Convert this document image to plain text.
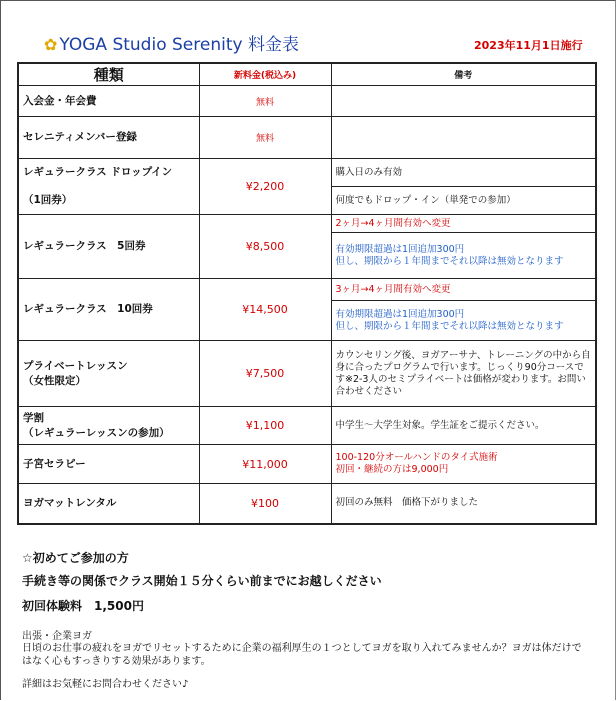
✿ YOGA Studio Serenity 料金表	2023年11月1日施行
種類	新料金(税込み)	備考
入会金・年会費	無料	
セレニティメンバー登録	無料	
レギュラークラス ドロップイン	¥2,200	購入日のみ有効
（1回券）		何度でもドロップ・イン（単発での参加）
レギュラークラス　5回券	¥8,500	2ヶ月→4ヶ月間有効へ変更
		有効期限超過は1回追加300円
但し、期限から１年間までそれ以降は無効となります
レギュラークラス　10回券	¥14,500	3ヶ月→4ヶ月間有効へ変更
		有効期限超過は1回追加300円
但し、期限から１年間までそれ以降は無効となります
プライベートレッスン
（女性限定）	¥7,500	カウンセリング後、ヨガアーサナ、トレーニングの中から自身に合ったプログラムで行います。じっくり90分コースです※2-3人のセミプライベートは価格が変わります。お問い合わせください
学割
（レギュラーレッスンの参加）	¥1,100	中学生～大学生対象。学生証をご提示ください。
子宮セラピー	¥11,000	100-120分オールハンドのタイ式施術
初回・継続の方は9,000円
ヨガマットレンタル	¥100	初回のみ無料　価格下がりました
☆初めてご参加の方
手続き等の関係でクラス開始１５分くらい前までにお越しください
初回体験料　1,500円
出張・企業ヨガ
日頃のお仕事の疲れをヨガでリセットするために企業の福利厚生の１つとしてヨガを取り入れてみませんか？ヨガは体だけではなく心もすっきりする効果があります。
詳細はお気軽にお問合わせください♪
